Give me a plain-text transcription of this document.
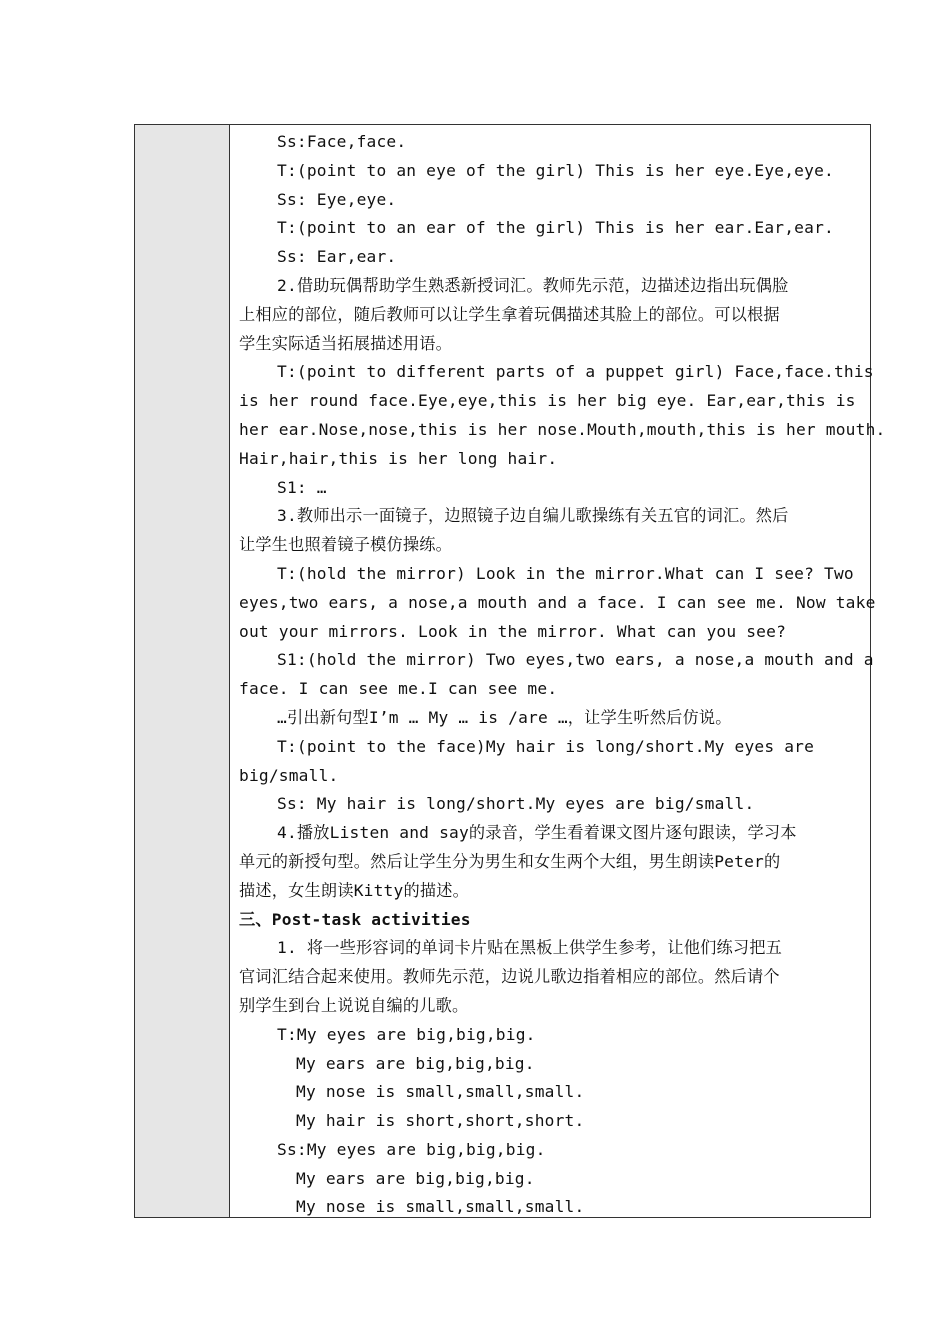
Ss:Face,face.
T:(point to an eye of the girl) This is her eye.Eye,eye.
Ss: Eye,eye.
T:(point to an ear of the girl) This is her ear.Ear,ear.
Ss: Ear,ear.
2.借助玩偶帮助学生熟悉新授词汇。教师先示范，边描述边指出玩偶脸
上相应的部位，随后教师可以让学生拿着玩偶描述其脸上的部位。可以根据
学生实际适当拓展描述用语。
T:(point to different parts of a puppet girl) Face,face.this
is her round face.Eye,eye,this is her big eye. Ear,ear,this is
her ear.Nose,nose,this is her nose.Mouth,mouth,this is her mouth.
Hair,hair,this is her long hair.
S1: …
3.教师出示一面镜子，边照镜子边自编儿歌操练有关五官的词汇。然后
让学生也照着镜子模仿操练。
T:(hold the mirror) Look in the mirror.What can I see? Two
eyes,two ears, a nose,a mouth and a face. I can see me. Now take
out your mirrors. Look in the mirror. What can you see?
S1:(hold the mirror) Two eyes,two ears, a nose,a mouth and a
face. I can see me.I can see me.
…引出新句型I’m … My … is /are …，让学生听然后仿说。
T:(point to the face)My hair is long/short.My eyes are
big/small.
Ss: My hair is long/short.My eyes are big/small.
4.播放Listen and say的录音，学生看着课文图片逐句跟读，学习本
单元的新授句型。然后让学生分为男生和女生两个大组，男生朗读Peter的
描述，女生朗读Kitty的描述。
三、Post-task activities
1. 将一些形容词的单词卡片贴在黑板上供学生参考，让他们练习把五
官词汇结合起来使用。教师先示范，边说儿歌边指着相应的部位。然后请个
别学生到台上说说自编的儿歌。
T:My eyes are big,big,big.
My ears are big,big,big.
My nose is small,small,small.
My hair is short,short,short.
Ss:My eyes are big,big,big.
My ears are big,big,big.
My nose is small,small,small.
